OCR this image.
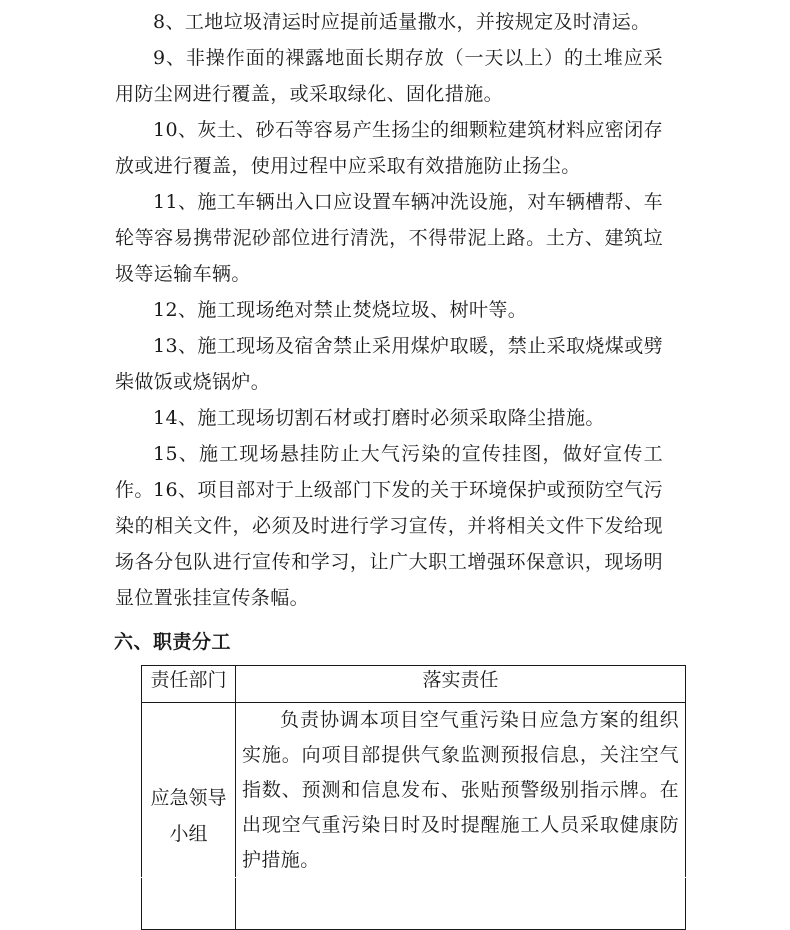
8、工地垃圾清运时应提前适量撒水，并按规定及时清运。

9、非操作面的裸露地面长期存放（一天以上）的土堆应采用防尘网进行覆盖，或采取绿化、固化措施。

10、灰土、砂石等容易产生扬尘的细颗粒建筑材料应密闭存放或进行覆盖，使用过程中应采取有效措施防止扬尘。

11、施工车辆出入口应设置车辆冲洗设施，对车辆槽帮、车轮等容易携带泥砂部位进行清洗，不得带泥上路。土方、建筑垃圾等运输车辆。

12、施工现场绝对禁止焚烧垃圾、树叶等。

13、施工现场及宿舍禁止采用煤炉取暖，禁止采取烧煤或劈柴做饭或烧锅炉。

14、施工现场切割石材或打磨时必须采取降尘措施。

15、施工现场悬挂防止大气污染的宣传挂图，做好宣传工作。 16、项目部对于上级部门下发的关于环境保护或预防空气污染的相关文件，必须及时进行学习宣传，并将相关文件下发给现场各分包队进行宣传和学习，让广大职工增强环保意识，现场明显位置张挂宣传条幅。

六、职责分工
责任部门	落实责任
应急领导小组	负责协调本项目空气重污染日应急方案的组织实施。向项目部提供气象监测预报信息，关注空气指数、预测和信息发布、张贴预警级别指示牌。在出现空气重污染日时及时提醒施工人员采取健康防护措施。
